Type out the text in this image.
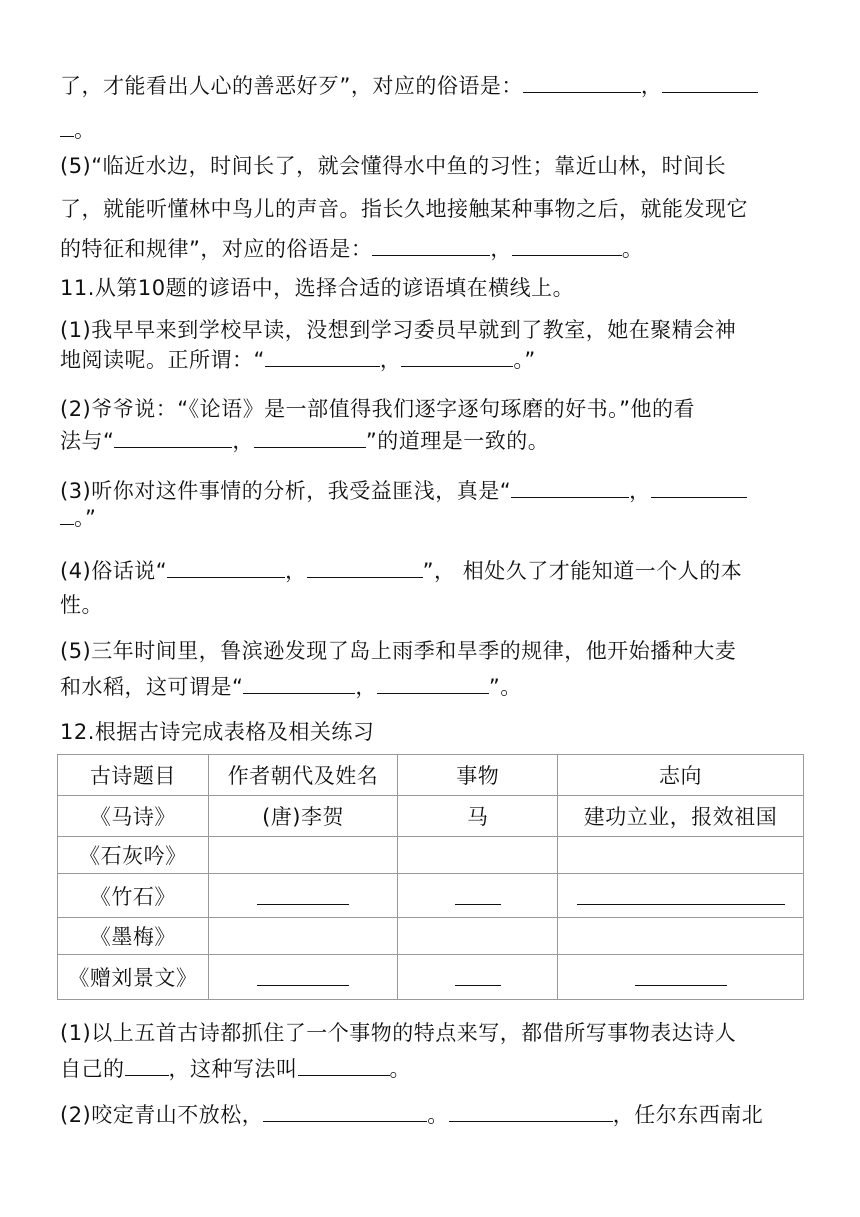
了，才能看出人心的善恶好歹”，对应的俗语是：	，
。
(5)“临近水边，时间长了，就会懂得水中鱼的习性；靠近山林，时间长
了，就能听懂林中鸟儿的声音。指长久地接触某种事物之后，就能发现它
的特征和规律”，对应的俗语是：	，	。
11.从第10题的谚语中，选择合适的谚语填在横线上。
(1)我早早来到学校早读，没想到学习委员早就到了教室，她在聚精会神
地阅读呢。正所谓：“	，	。”
(2)爷爷说：“《论语》是一部值得我们逐字逐句琢磨的好书。”他的看
法与“	，	”的道理是一致的。
(3)听你对这件事情的分析，我受益匪浅，真是“	，
。”
(4)俗话说“	，	”， 相处久了才能知道一个人的本
性。
(5)三年时间里，鲁滨逊发现了岛上雨季和旱季的规律，他开始播种大麦
和水稻，这可谓是“	，	”。
12.根据古诗完成表格及相关练习
古诗题目	作者朝代及姓名	事物	志向
《马诗》	(唐)李贺	马	建功立业，报效祖国
《石灰吟》			
《竹石》			
《墨梅》			
《赠刘景文》			
(1)以上五首古诗都抓住了一个事物的特点来写，都借所写事物表达诗人
自己的 ，这种写法叫	。
(2)咬定青山不放松，	。	，任尔东西南北
